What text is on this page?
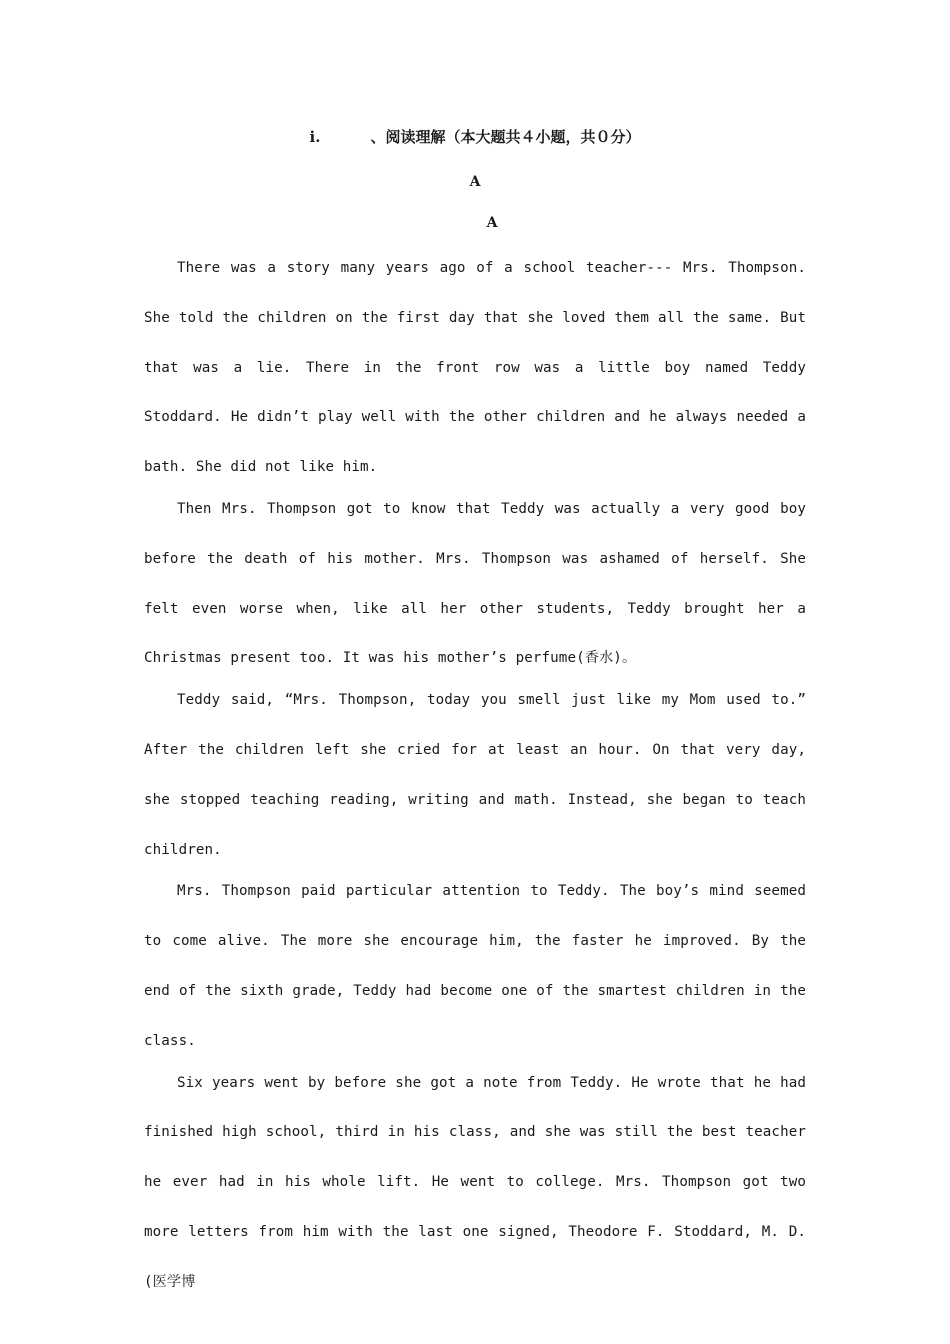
i.	、阅读理解（本大题共４小题，共０分）
A
A

There was a story many years ago of a school teacher--- Mrs. Thompson. She told the children on the first day that she loved them all the same. But that was a lie. There in the front row was a little boy named Teddy Stoddard. He didn’t play well with the other children and he always needed a bath. She did not like him.

Then Mrs. Thompson got to know that Teddy was actually a very good boy before the death of his mother. Mrs. Thompson was ashamed of herself. She felt even worse when, like all her other students, Teddy brought her a Christmas present too. It was his mother’s perfume(香水)。

Teddy said, “Mrs. Thompson, today you smell just like my Mom used to.” After the children left she cried for at least an hour. On that very day, she stopped teaching reading, writing and math. Instead, she began to teach children.

Mrs. Thompson paid particular attention to Teddy. The boy’s mind seemed to come alive. The more she encourage him, the faster he improved. By the end of the sixth grade, Teddy had become one of the smartest children in the class.

Six years went by before she got a note from Teddy. He wrote that he had finished high school, third in his class, and she was still the best teacher he ever had in his whole lift. He went to college. Mrs. Thompson got two more letters from him with the last one signed, Theodore F. Stoddard, M. D.(医学博
